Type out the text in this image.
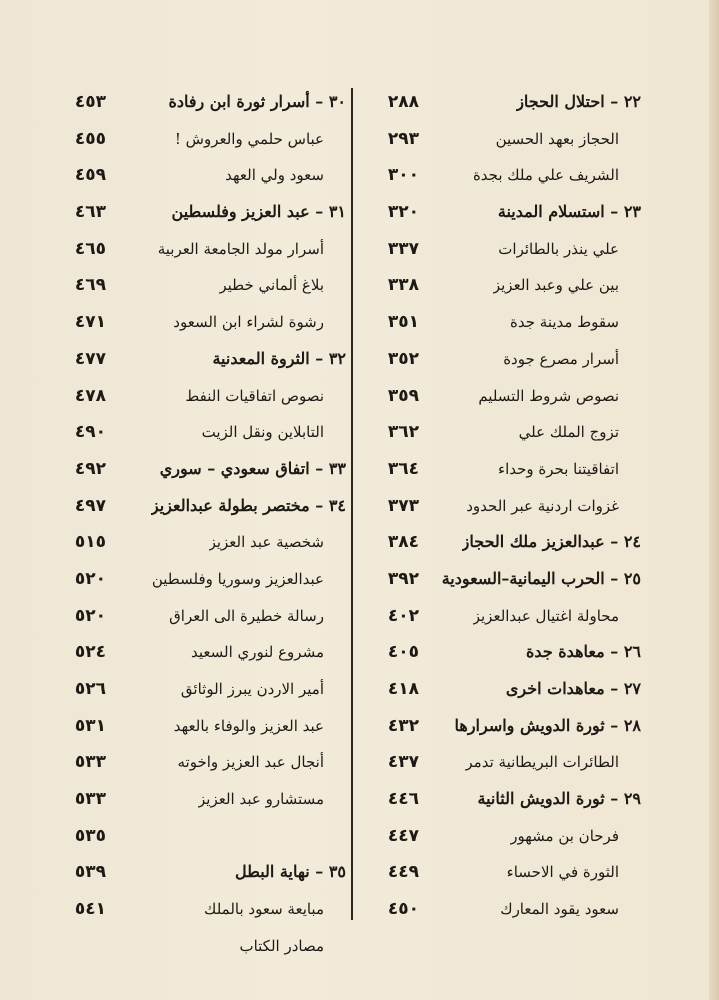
٢٢ – احتلال الحجاز
٢٨٨
الحجاز بعهد الحسين
٢٩٣
الشريف علي ملك بجدة
٣٠٠
٢٣ – استسلام المدينة
٣٢٠
علي ينذر بالطائرات
٣٣٧
بين علي وعبد العزيز
٣٣٨
سقوط مدينة جدة
٣٥١
أسرار مصرع جودة
٣٥٢
نصوص شروط التسليم
٣٥٩
تزوج الملك علي
٣٦٢
اتفاقيتنا بحرة وحداء
٣٦٤
غزوات اردنية عبر الحدود
٣٧٣
٢٤ – عبدالعزيز ملك الحجاز
٣٨٤
٢٥ – الحرب اليمانية–السعودية
٣٩٢
محاولة اغتيال عبدالعزيز
٤٠٢
٢٦ – معاهدة جدة
٤٠٥
٢٧ – معاهدات اخرى
٤١٨
٢٨ – ثورة الدويش واسرارها
٤٣٢
الطائرات البريطانية تدمر
٤٣٧
٢٩ – ثورة الدويش الثانية
٤٤٦
فرحان بن مشهور
٤٤٧
الثورة في الاحساء
٤٤٩
سعود يقود المعارك
٤٥٠
٣٠ – أسرار ثورة ابن رفادة
٤٥٣
عباس حلمي والعروش !
٤٥٥
سعود ولي العهد
٤٥٩
٣١ – عبد العزيز وفلسطين
٤٦٣
أسرار مولد الجامعة العربية
٤٦٥
بلاغ ألماني خطير
٤٦٩
رشوة لشراء ابن السعود
٤٧١
٣٢ – الثروة المعدنية
٤٧٧
نصوص اتفاقيات النفط
٤٧٨
التابلاين ونقل الزيت
٤٩٠
٣٣ – اتفاق سعودي – سوري
٤٩٢
٣٤ – مختصر بطولة عبدالعزيز
٤٩٧
شخصية عبد العزيز
٥١٥
عبدالعزيز وسوريا وفلسطين
٥٢٠
رسالة خطيرة الى العراق
٥٢٠
مشروع لنوري السعيد
٥٢٤
أمير الاردن يبرز الوثائق
٥٢٦
عبد العزيز والوفاء بالعهد
٥٣١
أنجال عبد العزيز واخوته
٥٣٣
مستشارو عبد العزيز
٥٣٣
٥٣٥
٣٥ – نهاية البطل
٥٣٩
مبايعة سعود بالملك
٥٤١
مصادر الكتاب
